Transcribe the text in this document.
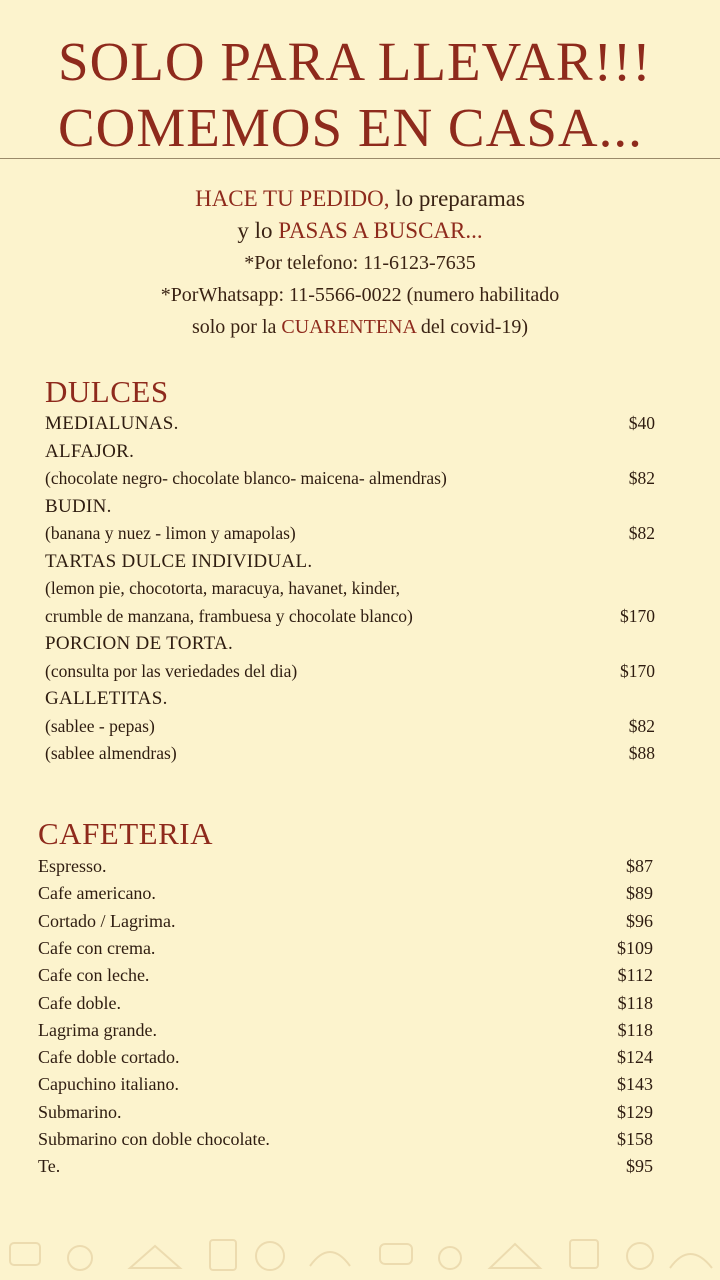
SOLO PARA LLEVAR!!!
COMEMOS EN CASA...
HACE TU PEDIDO, lo preparamas
y lo PASAS A BUSCAR...
*Por telefono: 11-6123-7635
*PorWhatsapp: 11-5566-0022 (numero habilitado
solo por la CUARENTENA del covid-19)
DULCES
MEDIALUNAS.	$40
ALFAJOR.
(chocolate negro- chocolate blanco- maicena- almendras)	$82
BUDIN.
(banana y nuez - limon y amapolas)	$82
TARTAS DULCE INDIVIDUAL.
(lemon pie, chocotorta, maracuya, havanet, kinder,
crumble de manzana, frambuesa y chocolate blanco)	$170
PORCION DE TORTA.
(consulta por las veriedades del dia)	$170
GALLETITAS.
(sablee - pepas)	$82
(sablee almendras)	$88
CAFETERIA
Espresso.	$87
Cafe americano.	$89
Cortado / Lagrima.	$96
Cafe con crema.	$109
Cafe con leche.	$112
Cafe doble.	$118
Lagrima grande.	$118
Cafe doble cortado.	$124
Capuchino italiano.	$143
Submarino.	$129
Submarino con doble chocolate.	$158
Te.	$95
